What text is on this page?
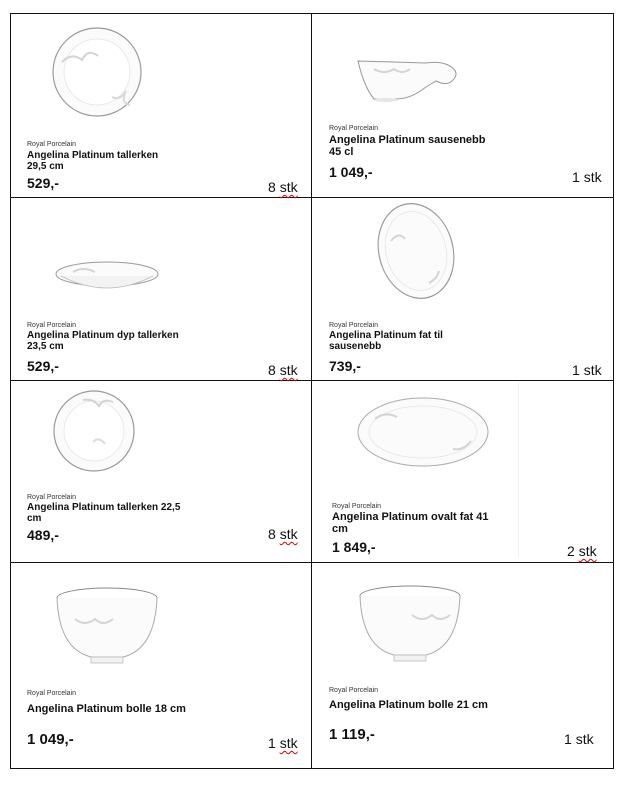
Royal Porcelain
Angelina Platinum tallerken 29,5 cm
529,-	8 stk
Royal Porcelain
Angelina Platinum sausenebb 45 cl
1 049,-	1 stk
Royal Porcelain
Angelina Platinum dyp tallerken 23,5 cm
529,-	8 stk
Royal Porcelain
Angelina Platinum fat til sausenebb
739,-	1 stk
Royal Porcelain
Angelina Platinum tallerken 22,5 cm
489,-	8 stk
Royal Porcelain
Angelina Platinum ovalt fat 41 cm
1 849,-	2 stk
Royal Porcelain
Angelina Platinum bolle 18 cm
1 049,-	1 stk
Royal Porcelain
Angelina Platinum bolle 21 cm
1 119,-	1 stk
